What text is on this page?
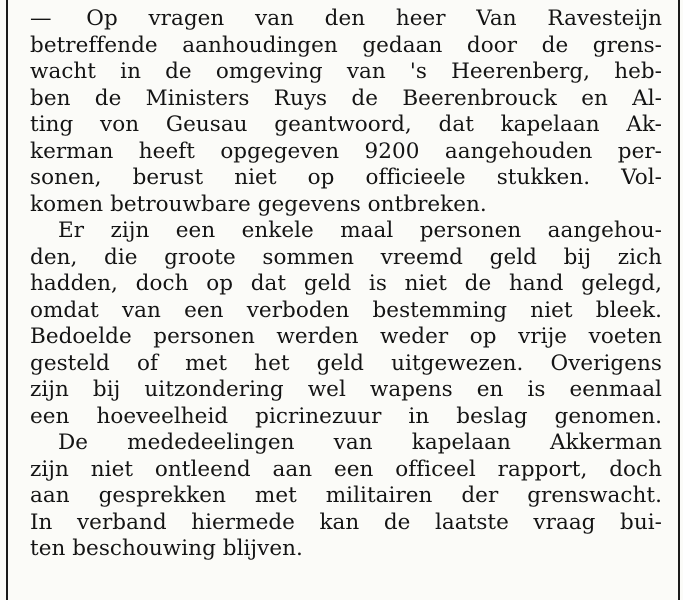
— Op vragen van den heer Van Ravesteijn
betreffende aanhoudingen gedaan door de grens-
wacht in de omgeving van 's Heerenberg, heb-
ben de Ministers Ruys de Beerenbrouck en Al-
ting von Geusau geantwoord, dat kapelaan Ak-
kerman heeft opgegeven 9200 aangehouden per-
sonen, berust niet op officieele stukken. Vol-
komen betrouwbare gegevens ontbreken.

Er zijn een enkele maal personen aangehou-
den, die groote sommen vreemd geld bij zich
hadden, doch op dat geld is niet de hand gelegd,
omdat van een verboden bestemming niet bleek.
Bedoelde personen werden weder op vrije voeten
gesteld of met het geld uitgewezen. Overigens
zijn bij uitzondering wel wapens en is eenmaal
een hoeveelheid picrinezuur in beslag genomen.

De mededeelingen van kapelaan Akkerman
zijn niet ontleend aan een officeel rapport, doch
aan gesprekken met militairen der grenswacht.
In verband hiermede kan de laatste vraag bui-
ten beschouwing blijven.
